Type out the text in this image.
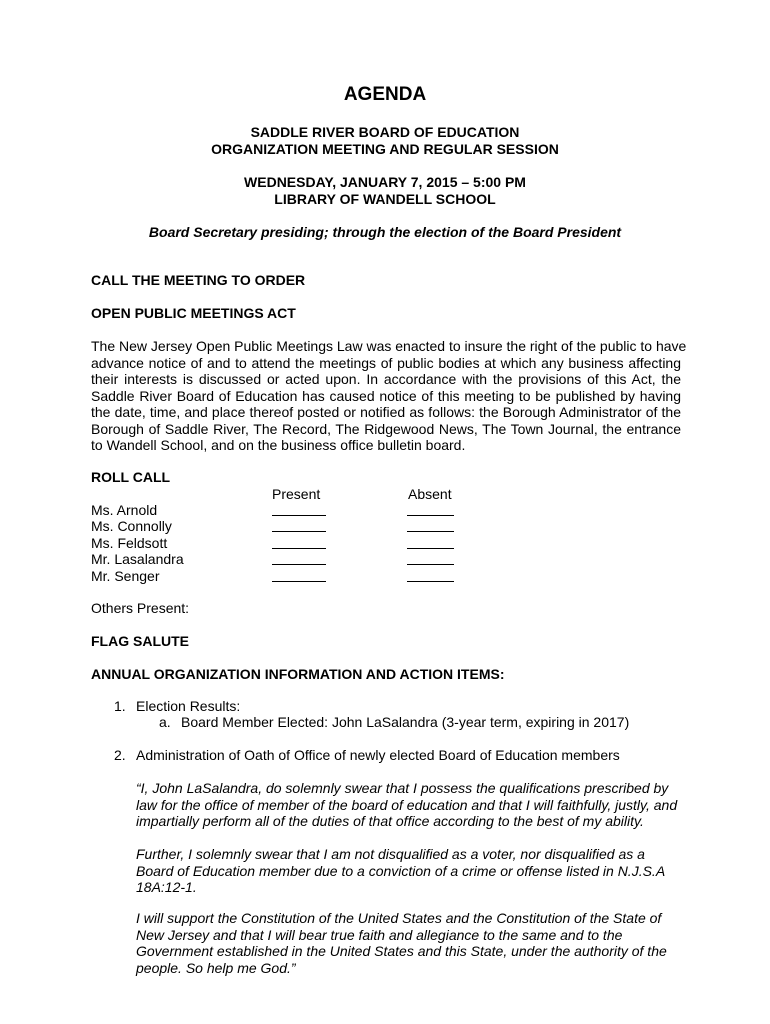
AGENDA
SADDLE RIVER BOARD OF EDUCATION
ORGANIZATION MEETING AND REGULAR SESSION
WEDNESDAY, JANUARY 7, 2015 – 5:00 PM
LIBRARY OF WANDELL SCHOOL
Board Secretary presiding; through the election of the Board President
CALL THE MEETING TO ORDER
OPEN PUBLIC MEETINGS ACT
The New Jersey Open Public Meetings Law was enacted to insure the right of the public to have
advance notice of and to attend the meetings of public bodies at which any business affecting
their interests is discussed or acted upon. In accordance with the provisions of this Act, the
Saddle River Board of Education has caused notice of this meeting to be published by having
the date, time, and place thereof posted or notified as follows: the Borough Administrator of the
Borough of Saddle River, The Record, The Ridgewood News, The Town Journal, the entrance
to Wandell School, and on the business office bulletin board.
ROLL CALL
Present	Absent
Ms. Arnold
Ms. Connolly
Ms. Feldsott
Mr. Lasalandra
Mr. Senger
Others Present:
FLAG SALUTE
ANNUAL ORGANIZATION INFORMATION AND ACTION ITEMS:
1. Election Results:
a. Board Member Elected: John LaSalandra (3-year term, expiring in 2017)
2. Administration of Oath of Office of newly elected Board of Education members
“I, John LaSalandra, do solemnly swear that I possess the qualifications prescribed by
law for the office of member of the board of education and that I will faithfully, justly, and
impartially perform all of the duties of that office according to the best of my ability.
Further, I solemnly swear that I am not disqualified as a voter, nor disqualified as a
Board of Education member due to a conviction of a crime or offense listed in N.J.S.A
18A:12-1.
I will support the Constitution of the United States and the Constitution of the State of
New Jersey and that I will bear true faith and allegiance to the same and to the
Government established in the United States and this State, under the authority of the
people. So help me God.”
